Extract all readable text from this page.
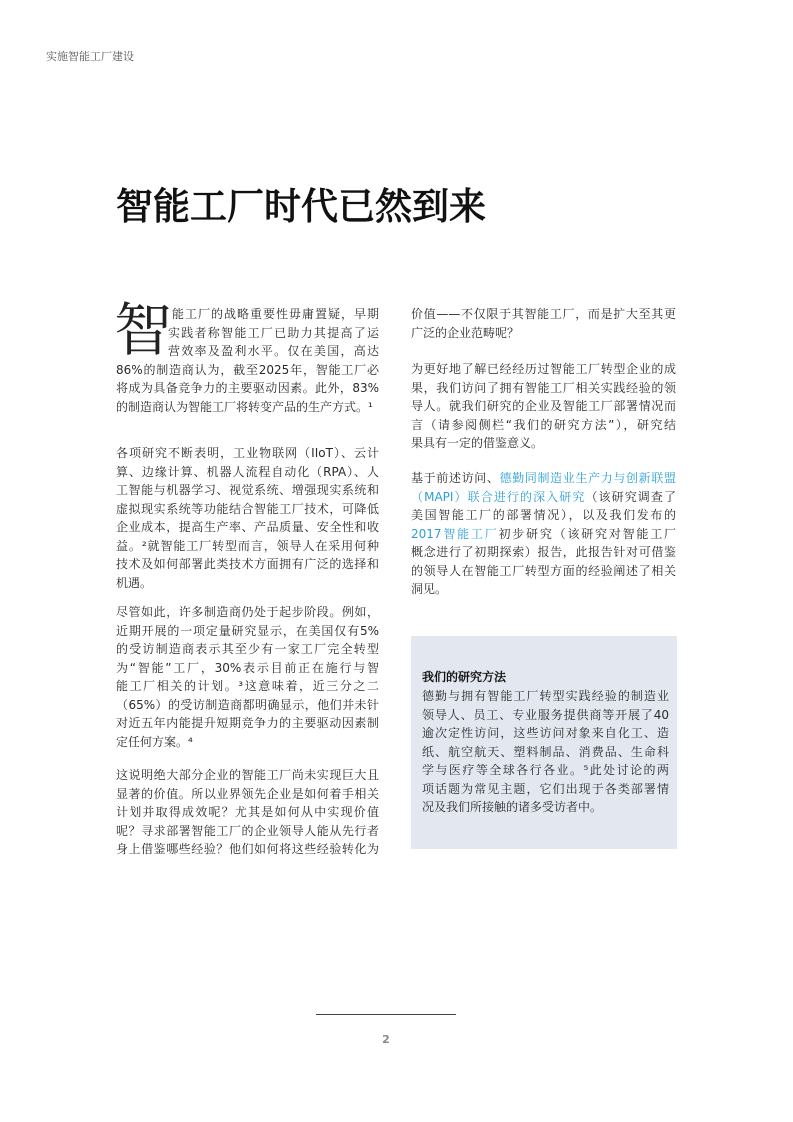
实施智能工厂建设
智能工厂时代已然到来
智 能工厂的战略重要性毋庸置疑，早期
实践者称智能工厂已助力其提高了运
营效率及盈利水平。仅在美国，高达
86%的制造商认为，截至2025年，智能工厂必
将成为具备竞争力的主要驱动因素。此外，83%
的制造商认为智能工厂将转变产品的生产方式。¹
各项研究不断表明，工业物联网（IIoT）、云计
算、边缘计算、机器人流程自动化（RPA）、人
工智能与机器学习、视觉系统、增强现实系统和
虚拟现实系统等功能结合智能工厂技术，可降低
企业成本，提高生产率、产品质量、安全性和收
益。²就智能工厂转型而言，领导人在采用何种
技术及如何部署此类技术方面拥有广泛的选择和
机遇。
尽管如此，许多制造商仍处于起步阶段。例如，
近期开展的一项定量研究显示，在美国仅有5%
的受访制造商表示其至少有一家工厂完全转型
为“智能”工厂，30%表示目前正在施行与智
能工厂相关的计划。³这意味着，近三分之二
（65%）的受访制造商都明确显示，他们并未针
对近五年内能提升短期竞争力的主要驱动因素制
定任何方案。⁴
这说明绝大部分企业的智能工厂尚未实现巨大且
显著的价值。所以业界领先企业是如何着手相关
计划并取得成效呢？尤其是如何从中实现价值
呢？寻求部署智能工厂的企业领导人能从先行者
身上借鉴哪些经验？他们如何将这些经验转化为
价值——不仅限于其智能工厂，而是扩大至其更
广泛的企业范畴呢？
为更好地了解已经经历过智能工厂转型企业的成
果，我们访问了拥有智能工厂相关实践经验的领
导人。就我们研究的企业及智能工厂部署情况而
言（请参阅侧栏“我们的研究方法”），研究结
果具有一定的借鉴意义。
基于前述访问、德勤同制造业生产力与创新联盟
（MAPI）联合进行的深入研究（该研究调查了
美国智能工厂的部署情况），以及我们发布的
2017智能工厂初步研究（该研究对智能工厂
概念进行了初期探索）报告，此报告针对可借鉴
的领导人在智能工厂转型方面的经验阐述了相关
洞见。
我们的研究方法
德勤与拥有智能工厂转型实践经验的制造业
领导人、员工、专业服务提供商等开展了40
逾次定性访问，这些访问对象来自化工、造
纸、航空航天、塑料制品、消费品、生命科
学与医疗等全球各行各业。⁵此处讨论的两
项话题为常见主题，它们出现于各类部署情
况及我们所接触的诸多受访者中。
2
